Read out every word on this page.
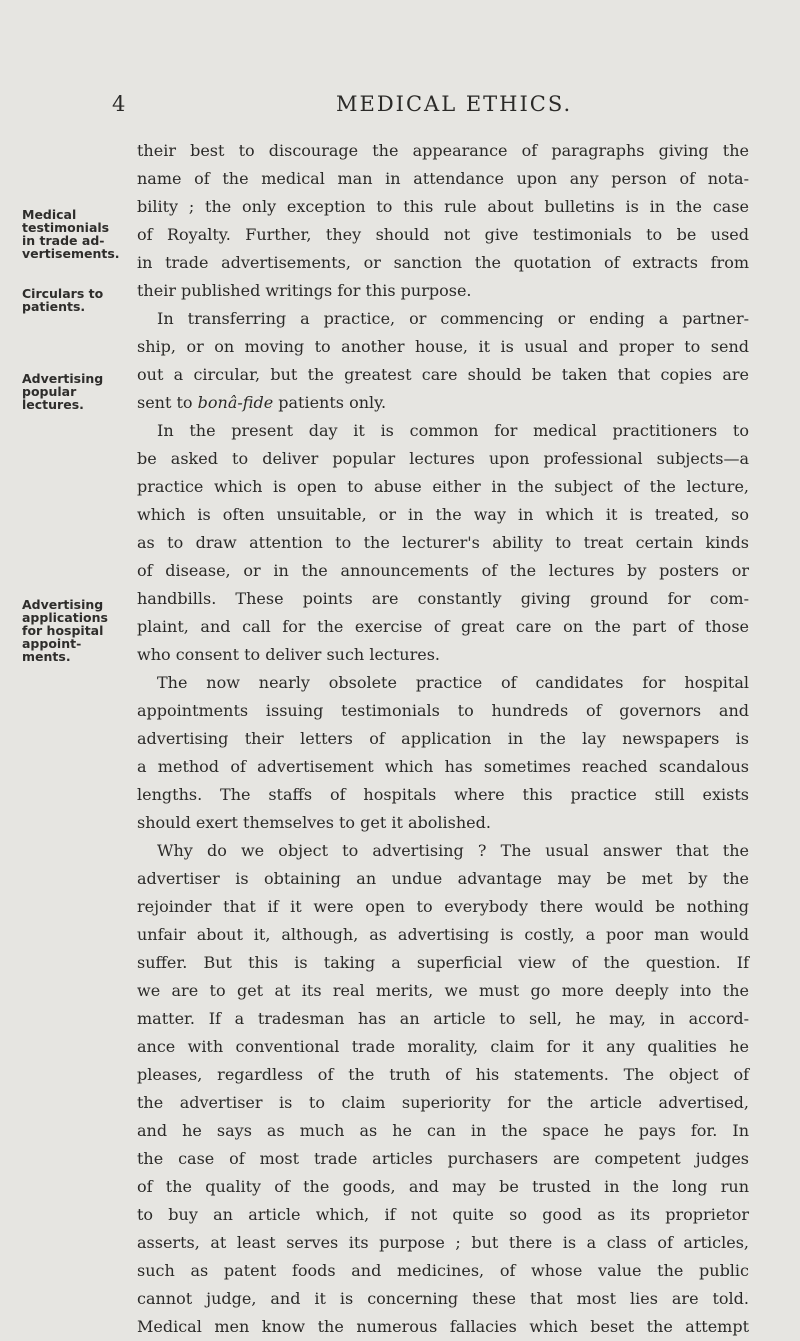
4	MEDICAL ETHICS.
Medical
testimonials
in trade ad-
vertisements.
Circulars to
patients.
Advertising
popular
lectures.
Advertising
applications
for hospital
appoint-
ments.
their best to discourage the appearance of paragraphs giving the
name of the medical man in attendance upon any person of nota-
bility ; the only exception to this rule about bulletins is in the case
of Royalty. Further, they should not give testimonials to be used
in trade advertisements, or sanction the quotation of extracts from
their published writings for this purpose.
In transferring a practice, or commencing or ending a partner-
ship, or on moving to another house, it is usual and proper to send
out a circular, but the greatest care should be taken that copies are
sent to bonâ-fide patients only.
In the present day it is common for medical practitioners to
be asked to deliver popular lectures upon professional subjects—a
practice which is open to abuse either in the subject of the lecture,
which is often unsuitable, or in the way in which it is treated, so
as to draw attention to the lecturer's ability to treat certain kinds
of disease, or in the announcements of the lectures by posters or
handbills. These points are constantly giving ground for com-
plaint, and call for the exercise of great care on the part of those
who consent to deliver such lectures.
The now nearly obsolete practice of candidates for hospital
appointments issuing testimonials to hundreds of governors and
advertising their letters of application in the lay newspapers is
a method of advertisement which has sometimes reached scandalous
lengths. The staffs of hospitals where this practice still exists
should exert themselves to get it abolished.
Why do we object to advertising ? The usual answer that the
advertiser is obtaining an undue advantage may be met by the
rejoinder that if it were open to everybody there would be nothing
unfair about it, although, as advertising is costly, a poor man would
suffer. But this is taking a superficial view of the question. If
we are to get at its real merits, we must go more deeply into the
matter. If a tradesman has an article to sell, he may, in accord-
ance with conventional trade morality, claim for it any qualities he
pleases, regardless of the truth of his statements. The object of
the advertiser is to claim superiority for the article advertised,
and he says as much as he can in the space he pays for. In
the case of most trade articles purchasers are competent judges
of the quality of the goods, and may be trusted in the long run
to buy an article which, if not quite so good as its proprietor
asserts, at least serves its purpose ; but there is a class of articles,
such as patent foods and medicines, of whose value the public
cannot judge, and it is concerning these that most lies are told.
Medical men know the numerous fallacies which beset the attempt
